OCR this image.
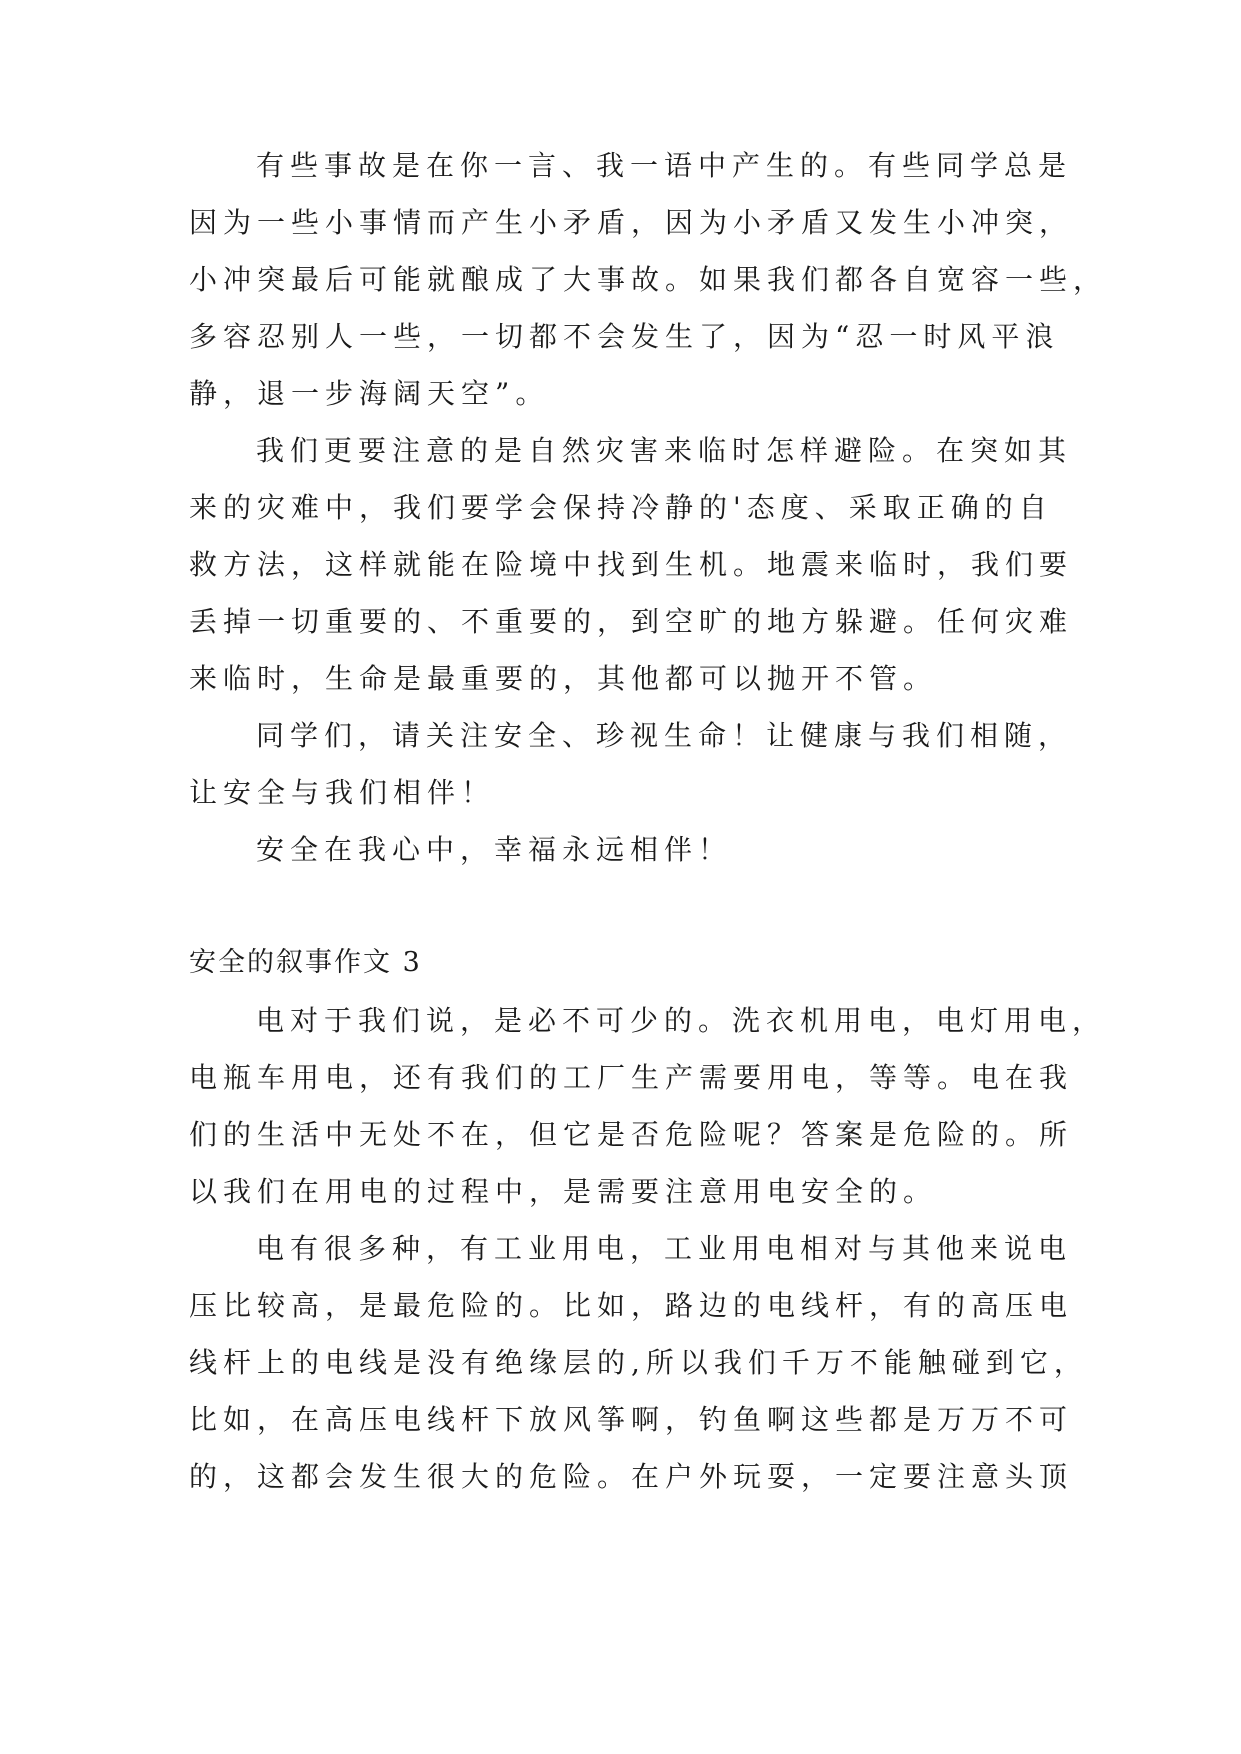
有些事故是在你一言、我一语中产生的。有些同学总是
因为一些小事情而产生小矛盾，因为小矛盾又发生小冲突，
小冲突最后可能就酿成了大事故。如果我们都各自宽容一些，
多容忍别人一些，一切都不会发生了，因为“忍一时风平浪
静，退一步海阔天空”。
我们更要注意的是自然灾害来临时怎样避险。在突如其
来的灾难中，我们要学会保持冷静的'态度、采取正确的自
救方法，这样就能在险境中找到生机。地震来临时，我们要
丢掉一切重要的、不重要的，到空旷的地方躲避。任何灾难
来临时，生命是最重要的，其他都可以抛开不管。
同学们，请关注安全、珍视生命！让健康与我们相随，
让安全与我们相伴！
安全在我心中，幸福永远相伴！
安全的叙事作文 3
电对于我们说，是必不可少的。洗衣机用电，电灯用电，
电瓶车用电，还有我们的工厂生产需要用电，等等。电在我
们的生活中无处不在，但它是否危险呢？答案是危险的。所
以我们在用电的过程中，是需要注意用电安全的。
电有很多种，有工业用电，工业用电相对与其他来说电
压比较高，是最危险的。比如，路边的电线杆，有的高压电
线杆上的电线是没有绝缘层的,所以我们千万不能触碰到它，
比如，在高压电线杆下放风筝啊，钓鱼啊这些都是万万不可
的，这都会发生很大的危险。在户外玩耍，一定要注意头顶
